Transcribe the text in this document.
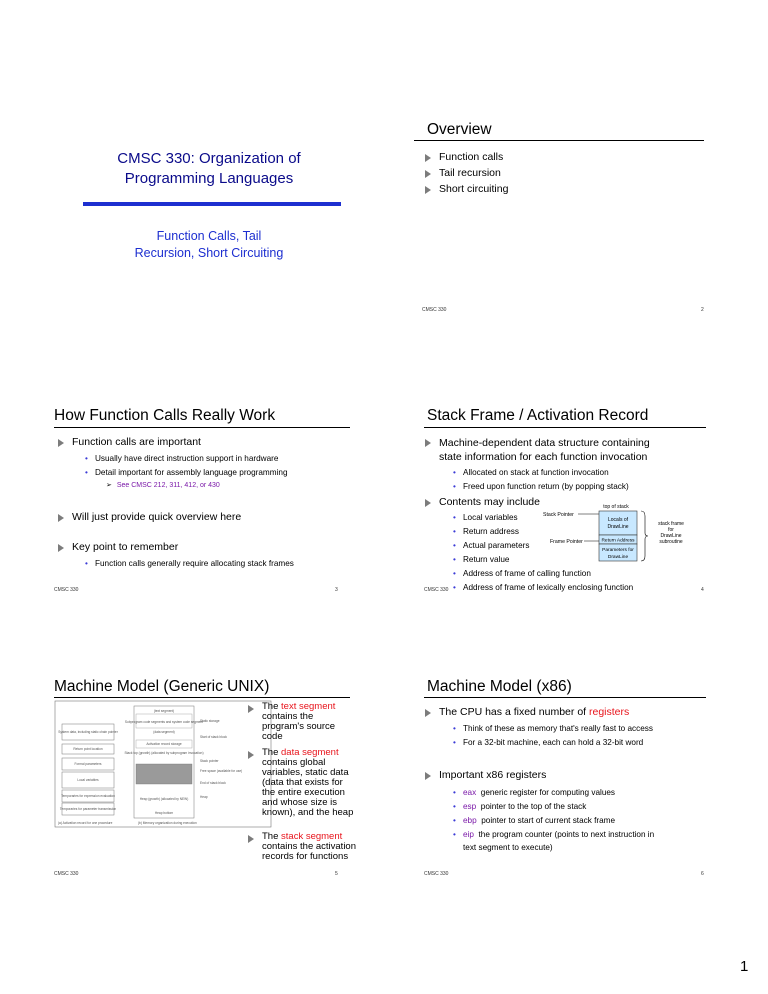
CMSC 330: Organization of
Programming Languages
Function Calls, Tail
Recursion, Short Circuiting
Overview
Function calls
Tail recursion
Short circuiting
CMSC 330	2
How Function Calls Really Work
Function calls are important
• Usually have direct instruction support in hardware
• Detail important for assembly language programming
➢ See CMSC 212, 311, 412, or 430
Will just provide quick overview here
Key point to remember
• Function calls generally require allocating stack frames
CMSC 330	3
Stack Frame / Activation Record
Machine-dependent data structure containing
state information for each function invocation
• Allocated on stack at function invocation
• Freed upon function return (by popping stack)
Contents may include
• Local variables
• Return address
• Actual parameters
• Return value
• Address of frame of calling function
• Address of frame of lexically enclosing function
top of stack
Stack Pointer
Locals of
DrawLine
Return Address
Parameters for
DrawLine
Frame Pointer
stack frame
for
DrawLine
subroutine
CMSC 330	4
Machine Model (Generic UNIX)
System data, including static chain pointer
Return point location
Formal parameters
Local variables
Temporaries for expression evaluation
Temporaries for parameter transmission
(text segment)
Subprogram code segments and system code segment
(data segment)
Activation record storage
Stack top (growth) (allocated by subprogram invocation)
Heap (growth) (allocated by NEW)
Heap bottom
Static storage
Start of stack block
Stack pointer
Free space (available for use)
End of stack block
Heap
(a) Activation record for one procedure	(b) Memory organization during execution
The text segment
contains the
program's source
code
The data segment
contains global
variables, static data
(data that exists for
the entire execution
and whose size is
known), and the heap
The stack segment
contains the activation
records for functions
CMSC 330	5
Machine Model (x86)
The CPU has a fixed number of registers
• Think of these as memory that's really fast to access
• For a 32-bit machine, each can hold a 32-bit word
Important x86 registers
• eax generic register for computing values
• esp pointer to the top of the stack
• ebp pointer to start of current stack frame
• eip the program counter (points to next instruction in
text segment to execute)
CMSC 330	6
1
